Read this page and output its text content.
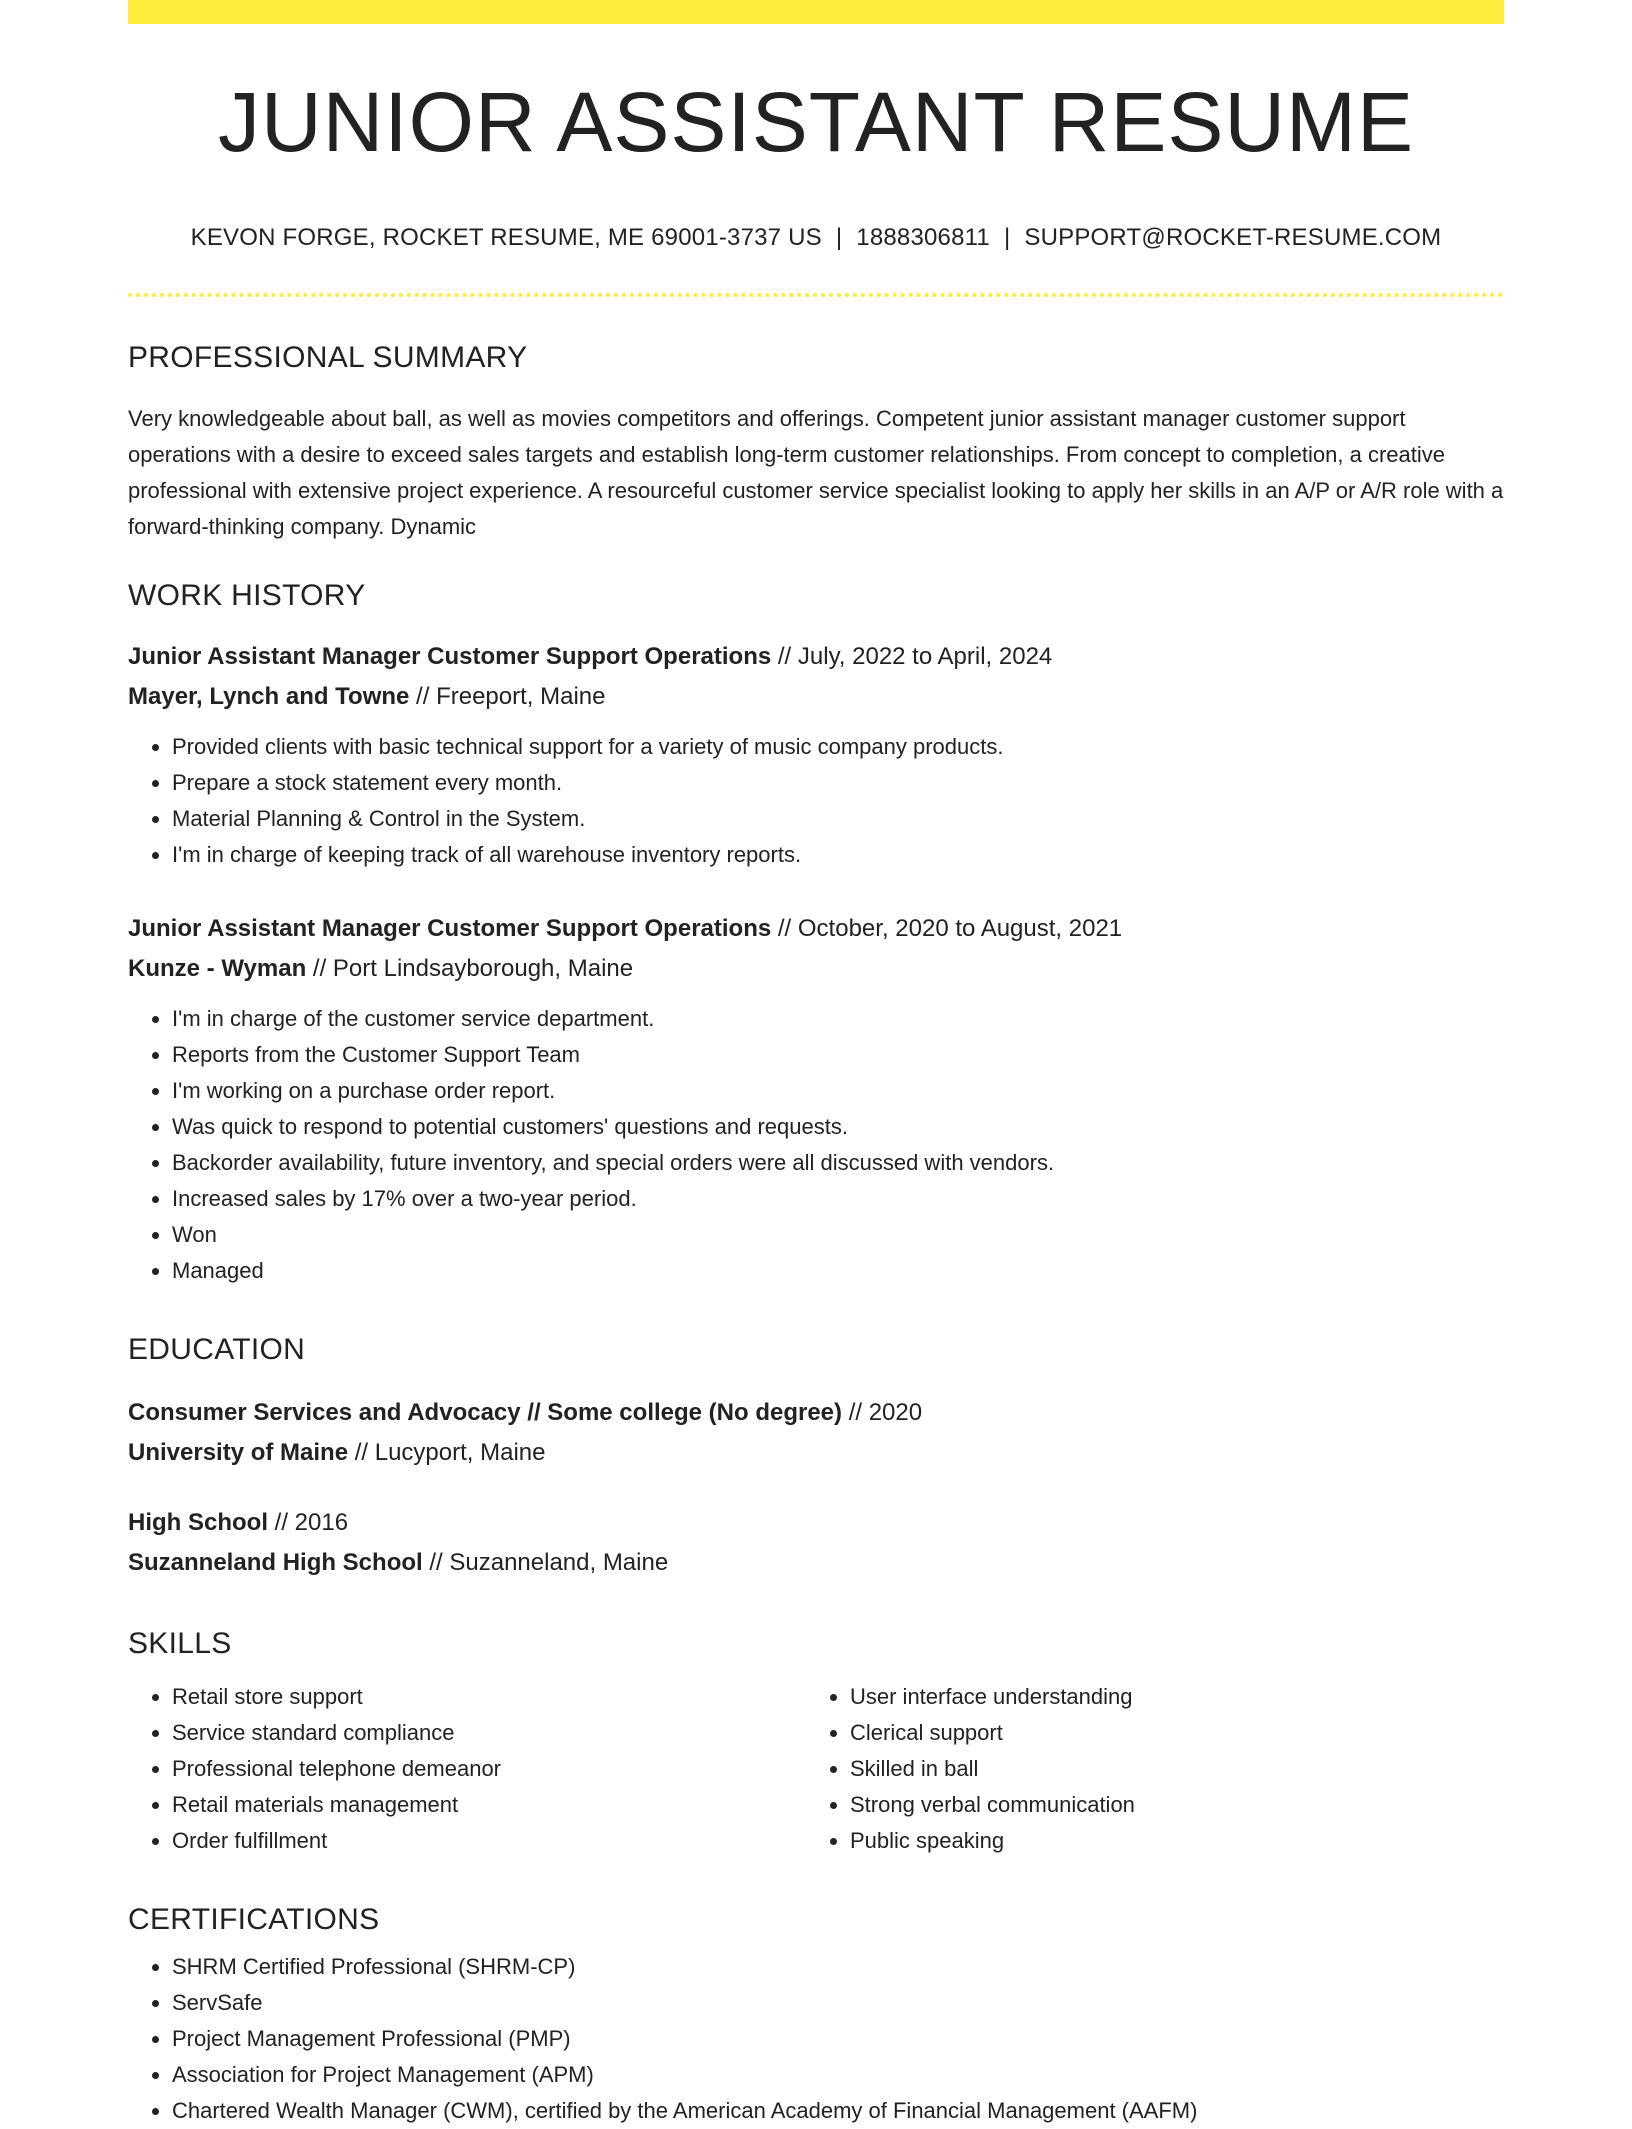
JUNIOR ASSISTANT RESUME
KEVON FORGE, ROCKET RESUME, ME 69001-3737 US | 1888306811 | SUPPORT@ROCKET-RESUME.COM
PROFESSIONAL SUMMARY

Very knowledgeable about ball, as well as movies competitors and offerings. Competent junior assistant manager customer support operations with a desire to exceed sales targets and establish long-term customer relationships. From concept to completion, a creative professional with extensive project experience. A resourceful customer service specialist looking to apply her skills in an A/P or A/R role with a forward-thinking company. Dynamic

WORK HISTORY
Junior Assistant Manager Customer Support Operations // July, 2022 to April, 2024
Mayer, Lynch and Towne // Freeport, Maine
• Provided clients with basic technical support for a variety of music company products.
• Prepare a stock statement every month.
• Material Planning & Control in the System.
• I'm in charge of keeping track of all warehouse inventory reports.
Junior Assistant Manager Customer Support Operations // October, 2020 to August, 2021
Kunze - Wyman // Port Lindsayborough, Maine
• I'm in charge of the customer service department.
• Reports from the Customer Support Team
• I'm working on a purchase order report.
• Was quick to respond to potential customers' questions and requests.
• Backorder availability, future inventory, and special orders were all discussed with vendors.
• Increased sales by 17% over a two-year period.
• Won
• Managed
EDUCATION
Consumer Services and Advocacy // Some college (No degree) // 2020
University of Maine // Lucyport, Maine
High School // 2016
Suzanneland High School // Suzanneland, Maine
SKILLS
• Retail store support
• Service standard compliance
• Professional telephone demeanor
• Retail materials management
• Order fulfillment
• User interface understanding
• Clerical support
• Skilled in ball
• Strong verbal communication
• Public speaking
CERTIFICATIONS
• SHRM Certified Professional (SHRM-CP)
• ServSafe
• Project Management Professional (PMP)
• Association for Project Management (APM)
• Chartered Wealth Manager (CWM), certified by the American Academy of Financial Management (AAFM)
